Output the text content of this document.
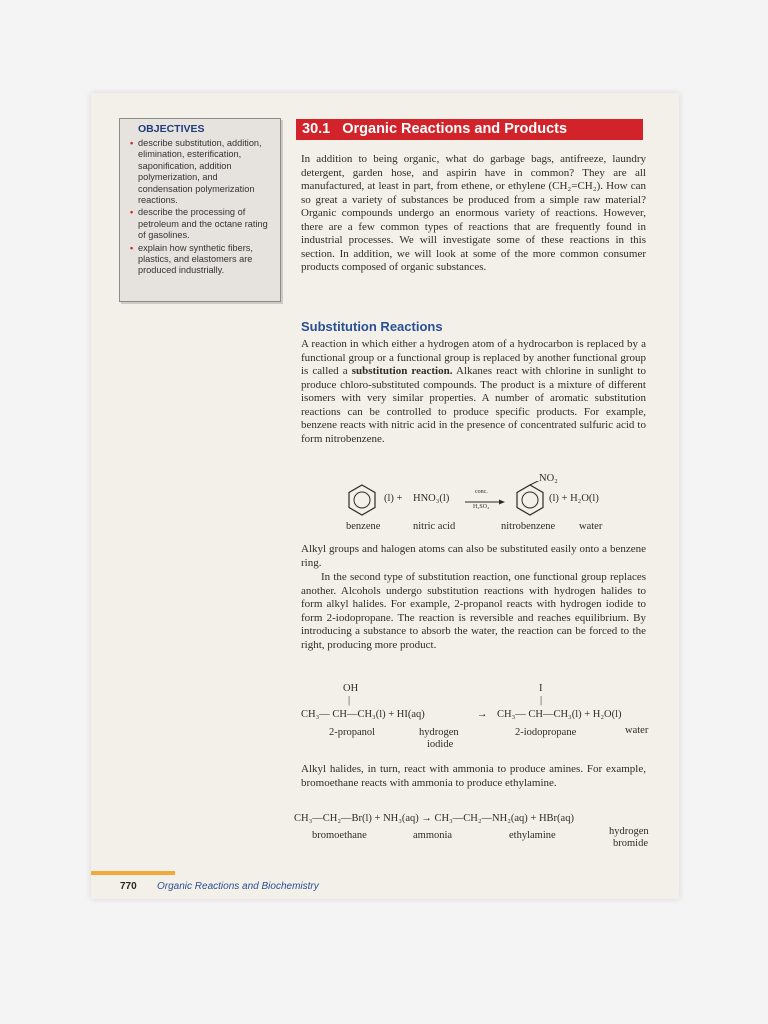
OBJECTIVES
• describe substitution, addition, elimination, esterification, saponification, addition polymerization, and condensation polymerization reactions.
• describe the processing of petroleum and the octane rating of gasolines.
• explain how synthetic fibers, plastics, and elastomers are produced industrially.
30.1 Organic Reactions and Products
In addition to being organic, what do garbage bags, antifreeze, laundry detergent, garden hose, and aspirin have in common? They are all manufactured, at least in part, from ethene, or ethylene (CH₂=CH₂). How can so great a variety of substances be produced from a simple raw material? Organic compounds undergo an enormous variety of reactions. However, there are a few common types of reactions that are frequently found in industrial processes. We will investigate some of these reactions in this section. In addition, we will look at some of the more common consumer products composed of organic substances.
Substitution Reactions
A reaction in which either a hydrogen atom of a hydrocarbon is replaced by a functional group or a functional group is replaced by another functional group is called a substitution reaction. Alkanes react with chlorine in sunlight to produce chloro-substituted compounds. The product is a mixture of different isomers with very similar properties. A number of aromatic substitution reactions can be controlled to produce specific products. For example, benzene reacts with nitric acid in the presence of concentrated sulfuric acid to form nitrobenzene.
(l) + HNO₃(l)
conc.
H₂SO₄
NO₂
(l) + H₂O(l)
benzene	nitric acid	nitrobenzene water
Alkyl groups and halogen atoms can also be substituted easily onto a benzene ring.
In the second type of substitution reaction, one functional group replaces another. Alcohols undergo substitution reactions with hydrogen halides to form alkyl halides. For example, 2-propanol reacts with hydrogen iodide to form 2-iodopropane. The reaction is reversible and reaches equilibrium. By introducing a substance to absorb the water, the reaction can be forced to the right, producing more product.
OH
|
I
|
CH₃— CH—CH₃(l) + HI(aq)	→ CH₃— CH—CH₃(l) + H₂O(l)
2-propanol	hydrogen
iodide
2-iodopropane	water
Alkyl halides, in turn, react with ammonia to produce amines. For example, bromoethane reacts with ammonia to produce ethylamine.
CH₃—CH₂—Br(l) + NH₃(aq) → CH₃—CH₂—NH₂(aq) + HBr(aq)
bromoethane	ammonia	ethylamine	hydrogen
bromide
770 Organic Reactions and Biochemistry
